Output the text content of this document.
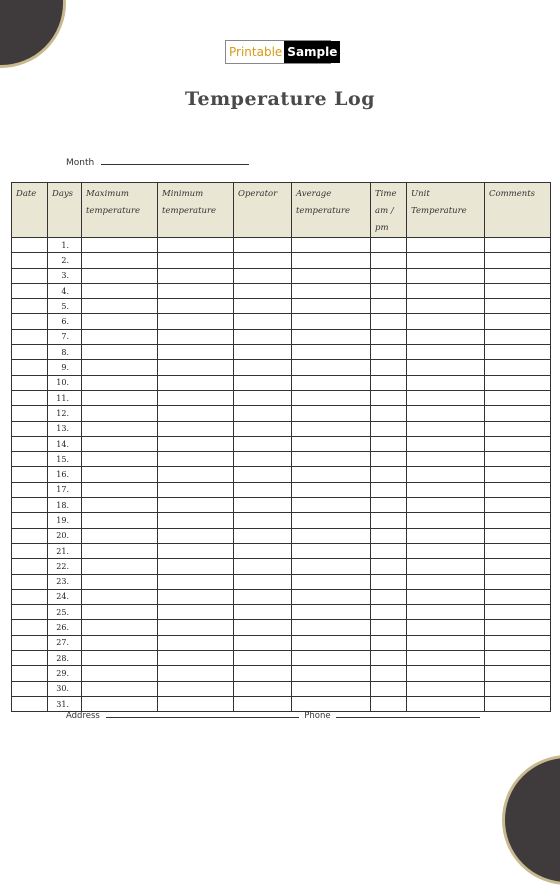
Printable Sample
Temperature Log
Month
Date	Days	Maximum temperature	Minimum temperature	Operator	Average temperature	Time am / pm	Unit Temperature	Comments
	1.							
	2.							
	3.							
	4.							
	5.							
	6.							
	7.							
	8.							
	9.							
	10.							
	11.							
	12.							
	13.							
	14.							
	15.							
	16.							
	17.							
	18.							
	19.							
	20.							
	21.							
	22.							
	23.							
	24.							
	25.							
	26.							
	27.							
	28.							
	29.							
	30.							
	31.							
Address	Phone
